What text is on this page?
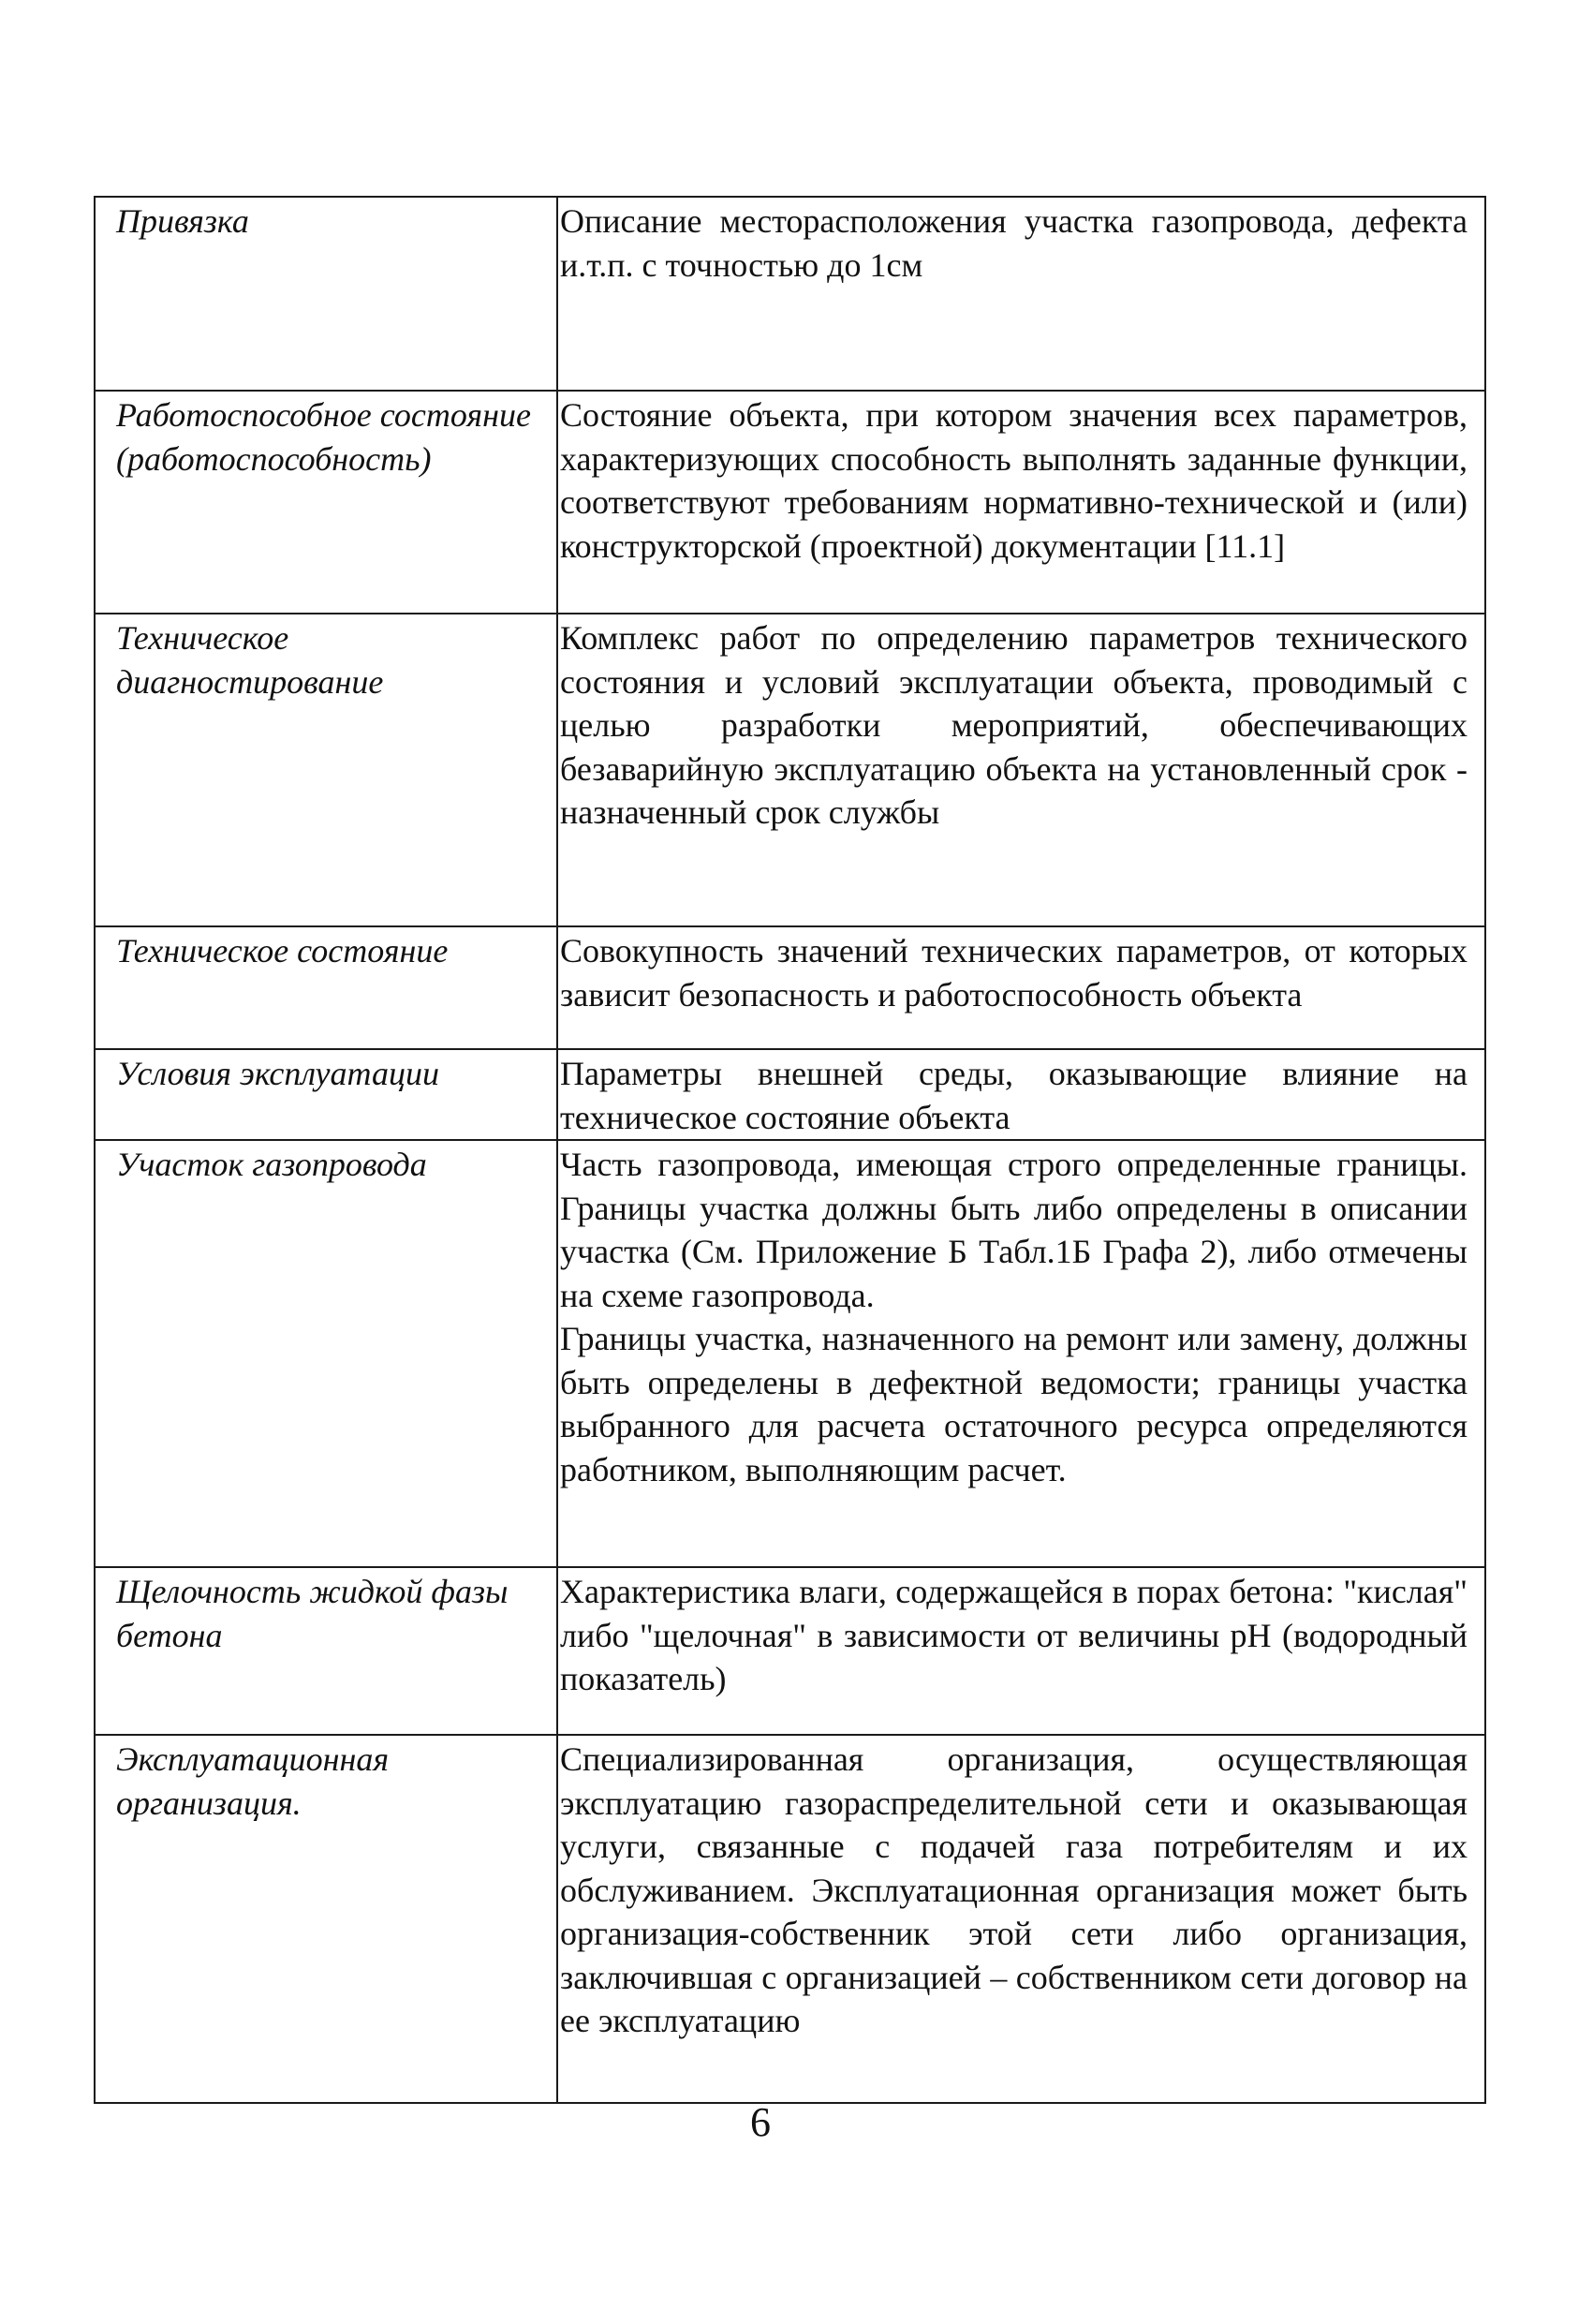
Привязка	Описание месторасположения участка газопровода, дефекта и.т.п. с точностью до 1см

Работоспособное состояние (работоспособность)	Состояние объекта, при котором значения всех параметров, характеризующих способность выполнять заданные функции, соответствуют требованиям нормативно-технической и (или) конструкторской (проектной) документации [11.1]

Техническое диагностирование	Комплекс работ по определению параметров технического состояния и условий эксплуатации объекта, проводимый с целью разработки мероприятий, обеспечивающих безаварийную эксплуатацию объекта на установленный срок - назначенный срок службы

Техническое состояние	Совокупность значений технических параметров, от которых зависит безопасность и работоспособность объекта

Условия эксплуатации	Параметры внешней среды, оказывающие влияние на техническое состояние объекта

Участок газопровода	Часть газопровода, имеющая строго определенные границы. Границы участка должны быть либо определены в описании участка (См. Приложение Б Табл.1Б Графа 2), либо отмечены на схеме газопровода.
Границы участка, назначенного на ремонт или замену, должны быть определены в дефектной ведомости; границы участка выбранного для расчета остаточного ресурса определяются работником, выполняющим расчет.

Щелочность жидкой фазы бетона	Характеристика влаги, содержащейся в порах бетона: "кислая" либо "щелочная" в зависимости от величины pH (водородный показатель)

Эксплуатационная организация.	Специализированная организация, осуществляющая эксплуатацию газораспределительной сети и оказывающая услуги, связанные с подачей газа потребителям и их обслуживанием. Эксплуатационная организация может быть организация-собственник этой сети либо организация, заключившая с организацией – собственником сети договор на ее эксплуатацию
6
